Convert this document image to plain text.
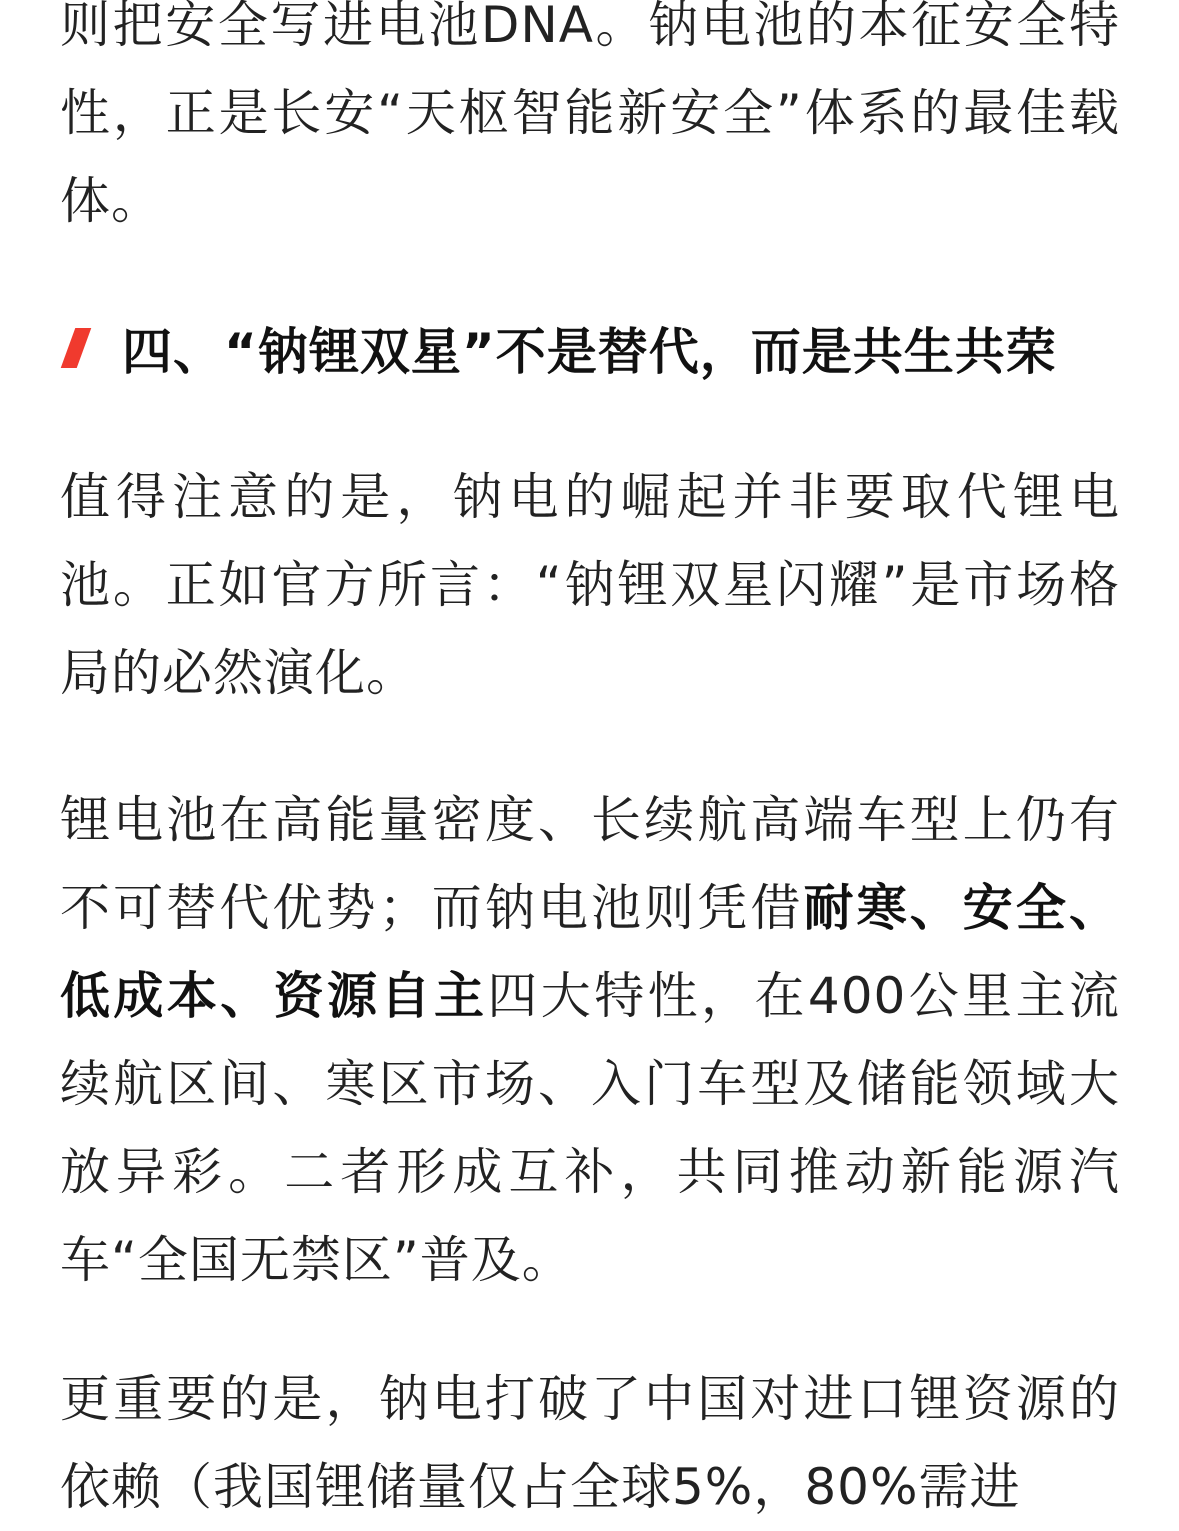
则把安全写进电池DNA。钠电池的本征安全特性，正是长安“天枢智能新安全”体系的最佳载体。

四、“钠锂双星”不是替代，而是共生共荣

值得注意的是，钠电的崛起并非要取代锂电池。正如官方所言：“钠锂双星闪耀”是市场格局的必然演化。

锂电池在高能量密度、长续航高端车型上仍有不可替代优势；而钠电池则凭借耐寒、安全、低成本、资源自主四大特性，在400公里主流续航区间、寒区市场、入门车型及储能领域大放异彩。二者形成互补，共同推动新能源汽车“全国无禁区”普及。

更重要的是，钠电打破了中国对进口锂资源的依赖（我国锂储量仅占全球5%，80%需进
